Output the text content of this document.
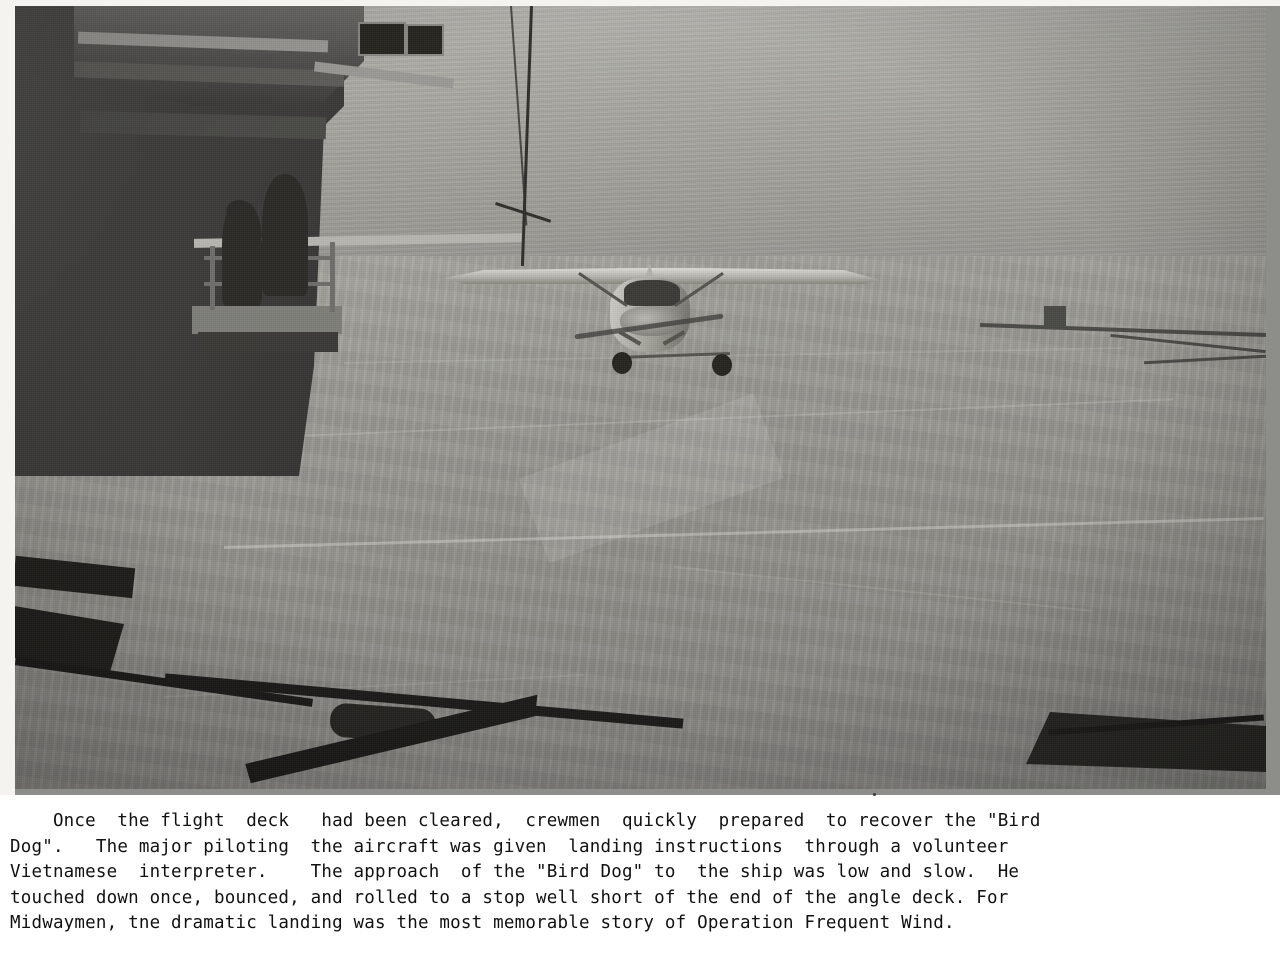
Once  the flight  deck   had been cleared,  crewmen  quickly  prepared  to recover the "Bird

Dog".   The major piloting  the aircraft was given  landing instructions  through a volunteer

Vietnamese  interpreter.    The approach  of the "Bird Dog" to  the ship was low and slow.  He

touched down once, bounced, and rolled to a stop well short of the end of the angle deck. For

Midwaymen, tne dramatic landing was the most memorable story of Operation Frequent Wind.
